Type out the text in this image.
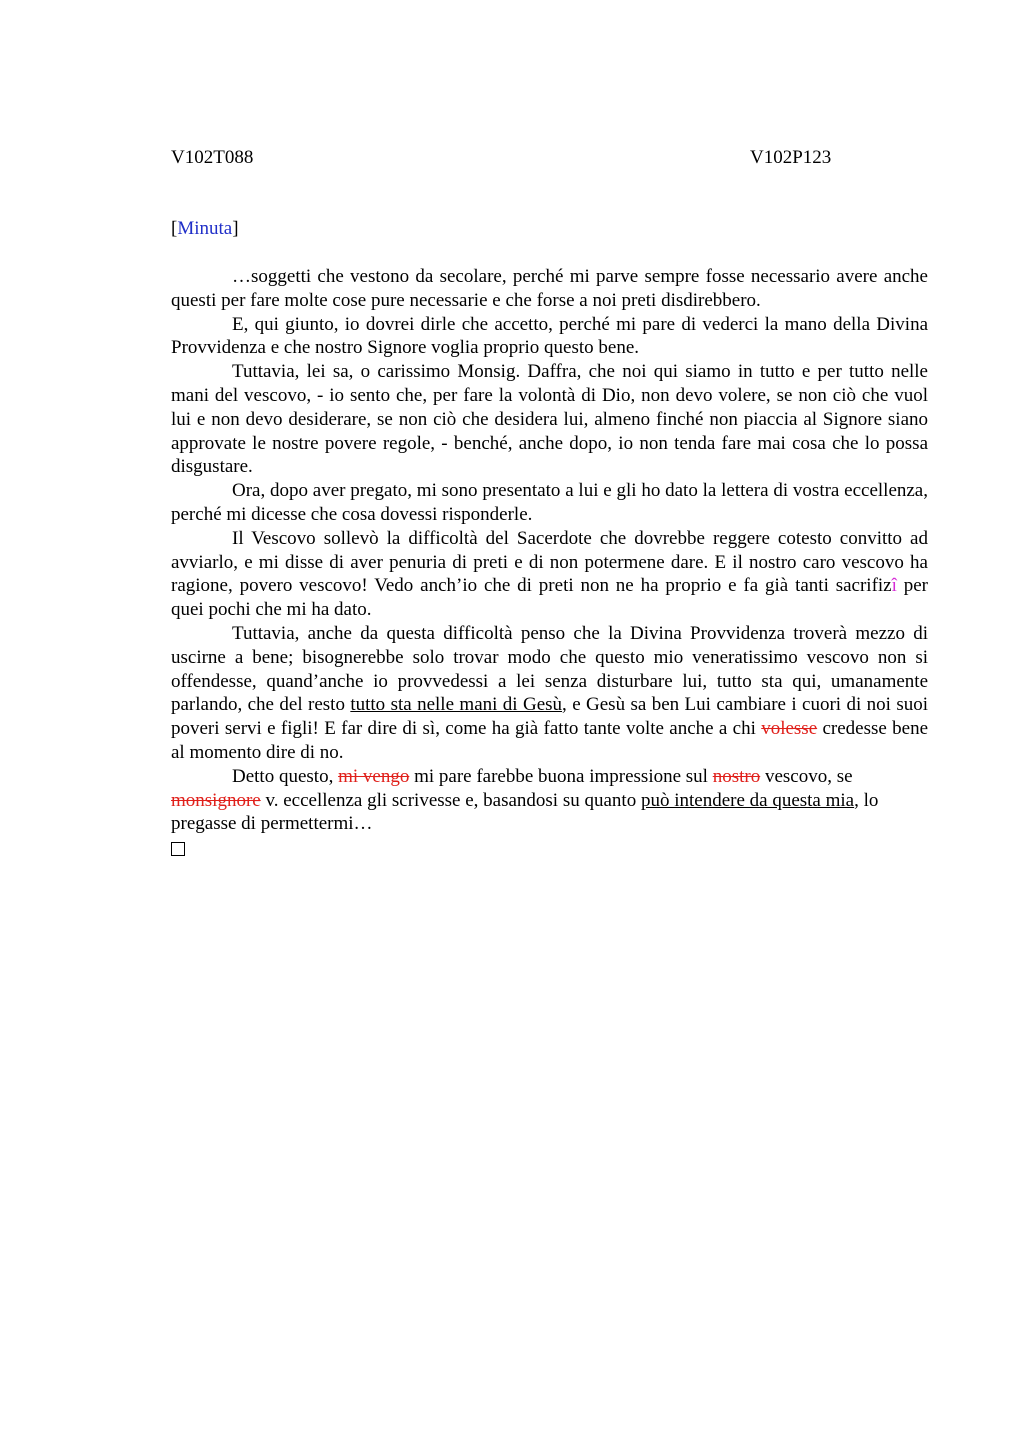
V102T088	V102P123
[Minuta]

…soggetti che vestono da secolare, perché mi parve sempre fosse necessario avere anche questi per fare molte cose pure necessarie e che forse a noi preti disdirebbero.

E, qui giunto, io dovrei dirle che accetto, perché mi pare di vederci la mano della Divina Provvidenza e che nostro Signore voglia proprio questo bene.

Tuttavia, lei sa, o carissimo Monsig. Daffra, che noi qui siamo in tutto e per tutto nelle mani del vescovo, - io sento che, per fare la volontà di Dio, non devo volere, se non ciò che vuol lui e non devo desiderare, se non ciò che desidera lui, almeno finché non piaccia al Signore siano approvate le nostre povere regole, - benché, anche dopo, io non tenda fare mai cosa che lo possa disgustare.

Ora, dopo aver pregato, mi sono presentato a lui e gli ho dato la lettera di vostra eccellenza, perché mi dicesse che cosa dovessi risponderle.

Il Vescovo sollevò la difficoltà del Sacerdote che dovrebbe reggere cotesto convitto ad avviarlo, e mi disse di aver penuria di preti e di non potermene dare. E il nostro caro vescovo ha ragione, povero vescovo! Vedo anch’io che di preti non ne ha proprio e fa già tanti sacrifizî per quei pochi che mi ha dato.

Tuttavia, anche da questa difficoltà penso che la Divina Provvidenza troverà mezzo di uscirne a bene; bisognerebbe solo trovar modo che questo mio veneratissimo vescovo non si offendesse, quand’anche io provvedessi a lei senza disturbare lui, tutto sta qui, umanamente parlando, che del resto tutto sta nelle mani di Gesù, e Gesù sa ben Lui cambiare i cuori di noi suoi poveri servi e figli! E far dire di sì, come ha già fatto tante volte anche a chi volesse credesse bene al momento dire di no.

Detto questo, mi vengo mi pare farebbe buona impressione sul nostro vescovo, se monsignore v. eccellenza gli scrivesse e, basandosi su quanto può intendere da questa mia, lo pregasse di permettermi…
